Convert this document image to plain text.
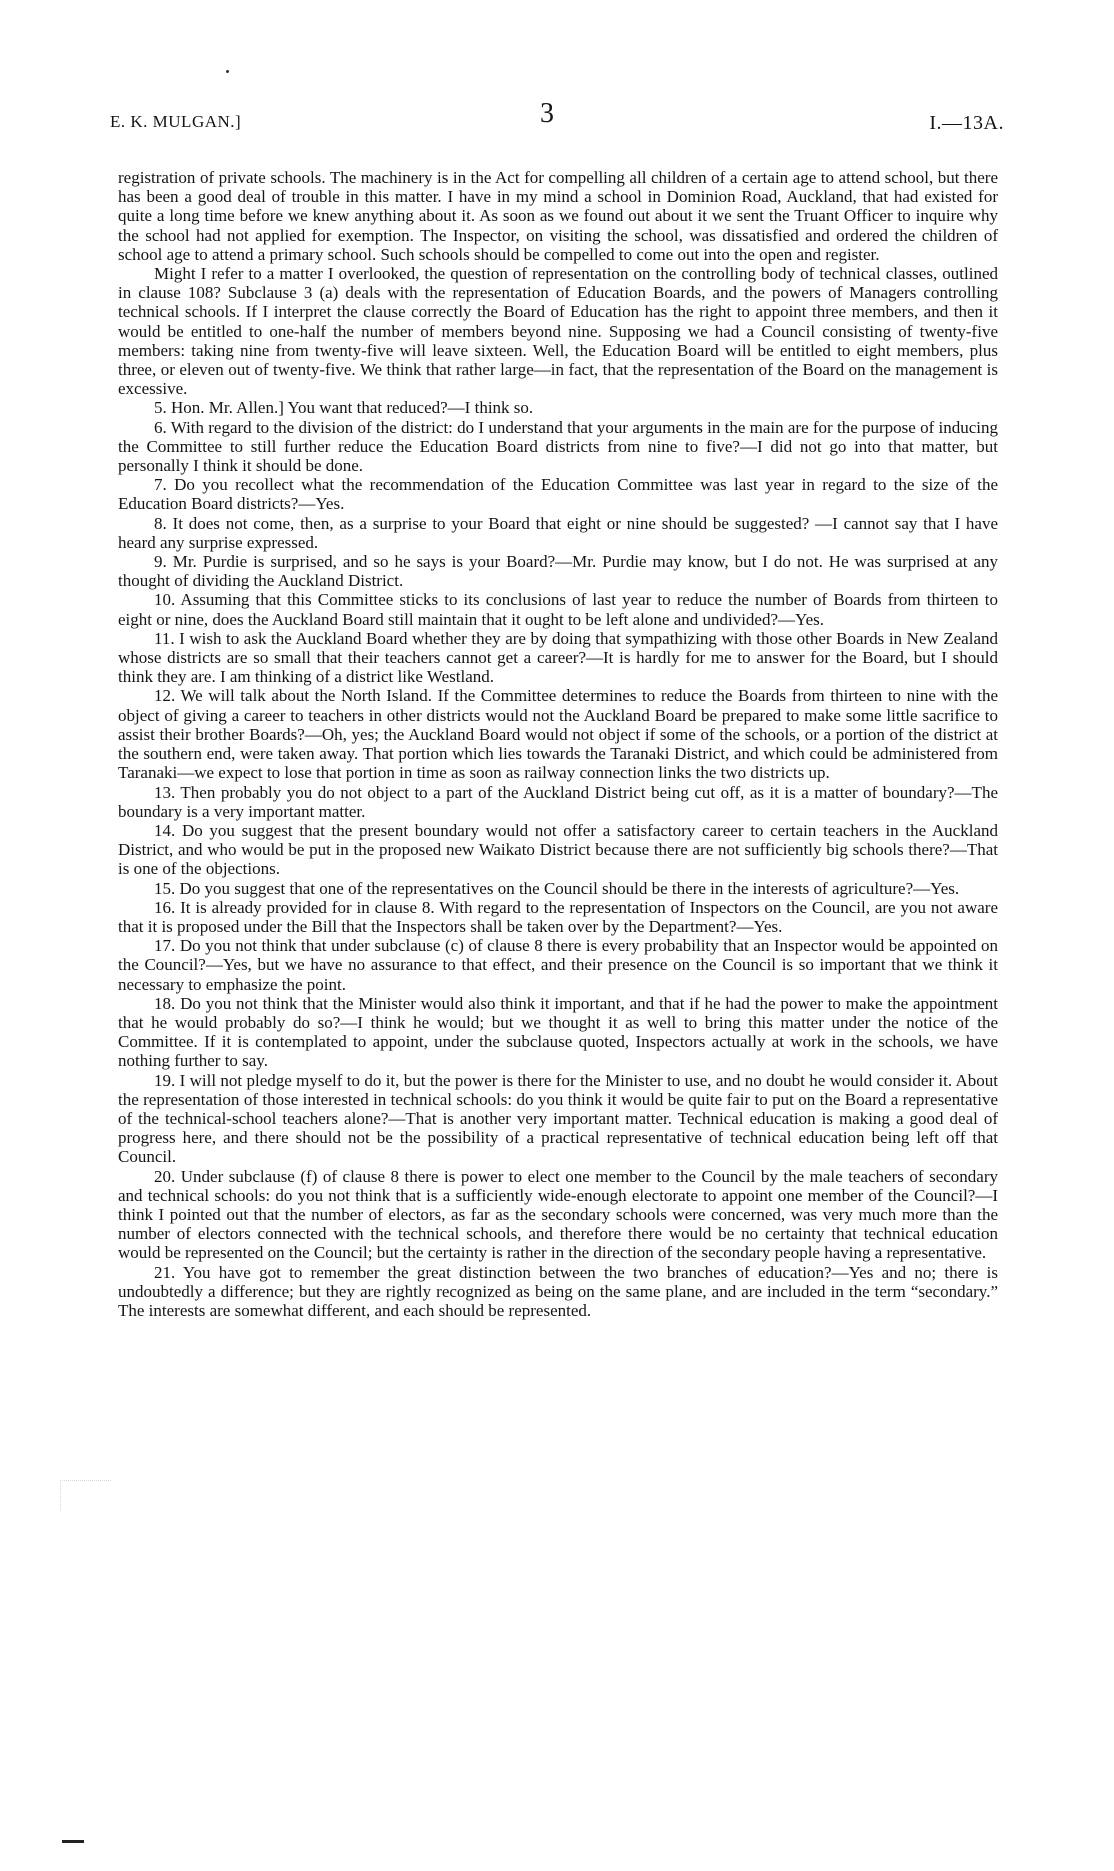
E. K. MULGAN.]	3	I.—13A.

registration of private schools. The machinery is in the Act for compelling all children of a certain age to attend school, but there has been a good deal of trouble in this matter. I have in my mind a school in Dominion Road, Auckland, that had existed for quite a long time before we knew anything about it. As soon as we found out about it we sent the Truant Officer to inquire why the school had not applied for exemption. The Inspector, on visiting the school, was dissatisfied and ordered the children of school age to attend a primary school. Such schools should be compelled to come out into the open and register.

Might I refer to a matter I overlooked, the question of representation on the controlling body of technical classes, outlined in clause 108? Subclause 3 (a) deals with the representation of Education Boards, and the powers of Managers controlling technical schools. If I interpret the clause correctly the Board of Education has the right to appoint three members, and then it would be entitled to one-half the number of members beyond nine. Supposing we had a Council consisting of twenty-five members: taking nine from twenty-five will leave sixteen. Well, the Education Board will be entitled to eight members, plus three, or eleven out of twenty-five. We think that rather large—in fact, that the representation of the Board on the management is excessive.

5. Hon. Mr. Allen.] You want that reduced?—I think so.

6. With regard to the division of the district: do I understand that your arguments in the main are for the purpose of inducing the Committee to still further reduce the Education Board districts from nine to five?—I did not go into that matter, but personally I think it should be done.

7. Do you recollect what the recommendation of the Education Committee was last year in regard to the size of the Education Board districts?—Yes.

8. It does not come, then, as a surprise to your Board that eight or nine should be suggested? —I cannot say that I have heard any surprise expressed.

9. Mr. Purdie is surprised, and so he says is your Board?—Mr. Purdie may know, but I do not. He was surprised at any thought of dividing the Auckland District.

10. Assuming that this Committee sticks to its conclusions of last year to reduce the number of Boards from thirteen to eight or nine, does the Auckland Board still maintain that it ought to be left alone and undivided?—Yes.

11. I wish to ask the Auckland Board whether they are by doing that sympathizing with those other Boards in New Zealand whose districts are so small that their teachers cannot get a career?—It is hardly for me to answer for the Board, but I should think they are. I am thinking of a district like Westland.

12. We will talk about the North Island. If the Committee determines to reduce the Boards from thirteen to nine with the object of giving a career to teachers in other districts would not the Auckland Board be prepared to make some little sacrifice to assist their brother Boards?—Oh, yes; the Auckland Board would not object if some of the schools, or a portion of the district at the southern end, were taken away. That portion which lies towards the Taranaki District, and which could be administered from Taranaki—we expect to lose that portion in time as soon as railway connection links the two districts up.

13. Then probably you do not object to a part of the Auckland District being cut off, as it is a matter of boundary?—The boundary is a very important matter.

14. Do you suggest that the present boundary would not offer a satisfactory career to certain teachers in the Auckland District, and who would be put in the proposed new Waikato District because there are not sufficiently big schools there?—That is one of the objections.

15. Do you suggest that one of the representatives on the Council should be there in the interests of agriculture?—Yes.

16. It is already provided for in clause 8. With regard to the representation of Inspectors on the Council, are you not aware that it is proposed under the Bill that the Inspectors shall be taken over by the Department?—Yes.

17. Do you not think that under subclause (c) of clause 8 there is every probability that an Inspector would be appointed on the Council?—Yes, but we have no assurance to that effect, and their presence on the Council is so important that we think it necessary to emphasize the point.

18. Do you not think that the Minister would also think it important, and that if he had the power to make the appointment that he would probably do so?—I think he would; but we thought it as well to bring this matter under the notice of the Committee. If it is contemplated to appoint, under the subclause quoted, Inspectors actually at work in the schools, we have nothing further to say.

19. I will not pledge myself to do it, but the power is there for the Minister to use, and no doubt he would consider it. About the representation of those interested in technical schools: do you think it would be quite fair to put on the Board a representative of the technical-school teachers alone?—That is another very important matter. Technical education is making a good deal of progress here, and there should not be the possibility of a practical representative of technical education being left off that Council.

20. Under subclause (f) of clause 8 there is power to elect one member to the Council by the male teachers of secondary and technical schools: do you not think that is a sufficiently wide-enough electorate to appoint one member of the Council?—I think I pointed out that the number of electors, as far as the secondary schools were concerned, was very much more than the number of electors connected with the technical schools, and therefore there would be no certainty that technical education would be represented on the Council; but the certainty is rather in the direction of the secondary people having a representative.

21. You have got to remember the great distinction between the two branches of education?—Yes and no; there is undoubtedly a difference; but they are rightly recognized as being on the same plane, and are included in the term “secondary.” The interests are somewhat different, and each should be represented.
